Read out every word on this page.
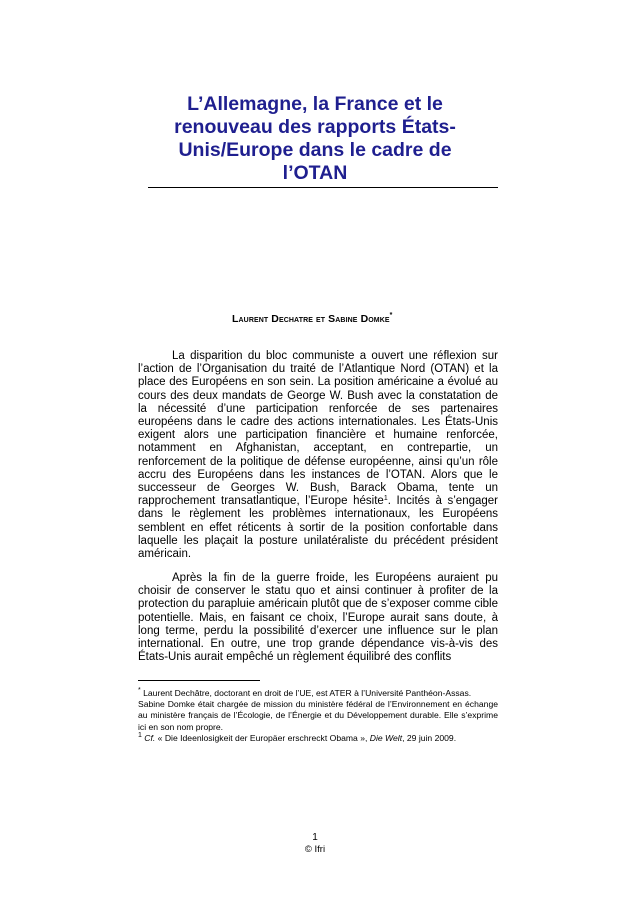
L’Allemagne, la France et le renouveau des rapports États-Unis/Europe dans le cadre de l’OTAN
Laurent Dechatre et Sabine Domke*

La disparition du bloc communiste a ouvert une réflexion sur l’action de l’Organisation du traité de l’Atlantique Nord (OTAN) et la place des Européens en son sein. La position américaine a évolué au cours des deux mandats de George W. Bush avec la constatation de la nécessité d’une participation renforcée de ses partenaires européens dans le cadre des actions internationales. Les États-Unis exigent alors une participation financière et humaine renforcée, notamment en Afghanistan, acceptant, en contrepartie, un renforcement de la politique de défense européenne, ainsi qu’un rôle accru des Européens dans les instances de l’OTAN. Alors que le successeur de Georges W. Bush, Barack Obama, tente un rapprochement transatlantique, l’Europe hésite$^1$. Incités à s’engager dans le règlement les problèmes internationaux, les Européens semblent en effet réticents à sortir de la position confortable dans laquelle les plaçait la posture unilatéraliste du précédent président américain.

Après la fin de la guerre froide, les Européens auraient pu choisir de conserver le statu quo et ainsi continuer à profiter de la protection du parapluie américain plutôt que de s’exposer comme cible potentielle. Mais, en faisant ce choix, l’Europe aurait sans doute, à long terme, perdu la possibilité d’exercer une influence sur le plan international. En outre, une trop grande dépendance vis-à-vis des États-Unis aurait empêché un règlement équilibré des conflits

* Laurent Dechâtre, doctorant en droit de l’UE, est ATER à l’Université Panthéon-Assas.

Sabine Domke était chargée de mission du ministère fédéral de l’Environnement en échange au ministère français de l’Écologie, de l’Énergie et du Développement durable. Elle s’exprime ici en son nom propre.

$^1$ Cf. « Die Ideenlosigkeit der Europäer erschreckt Obama », Die Welt, 29 juin 2009.

1
© Ifri
